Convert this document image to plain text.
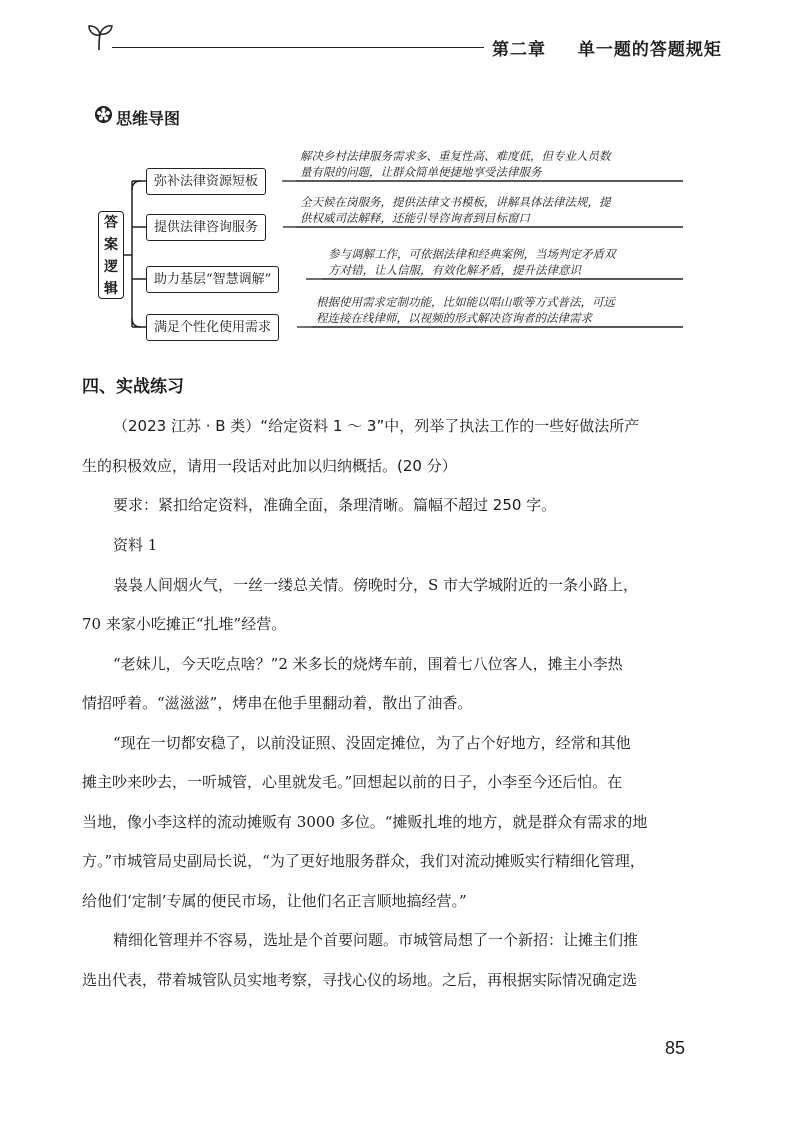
第二章 单一题的答题规矩
思维导图
答
案
逻
辑
弥补法律资源短板
解决乡村法律服务需求多、重复性高、难度低，但专业人员数
量有限的问题，让群众简单便捷地享受法律服务
提供法律咨询服务
全天候在岗服务，提供法律文书模板，讲解具体法律法规，提
供权威司法解释，还能引导咨询者到目标窗口
助力基层“智慧调解”
参与调解工作，可依据法律和经典案例，当场判定矛盾双
方对错，让人信服，有效化解矛盾，提升法律意识
满足个性化使用需求
根据使用需求定制功能，比如能以唱山歌等方式普法，可远
程连接在线律师，以视频的形式解决咨询者的法律需求
四、实战练习
（2023 江苏 · B 类）“给定资料 1 ～ 3”中，列举了执法工作的一些好做法所产
生的积极效应，请用一段话对此加以归纳概括。(20 分）
要求：紧扣给定资料，准确全面，条理清晰。篇幅不超过 250 字。
资料 1
袅袅人间烟火气，一丝一缕总关情。傍晚时分，S 市大学城附近的一条小路上，
70 来家小吃摊正“扎堆”经营。
“老妹儿，今天吃点啥？”2 米多长的烧烤车前，围着七八位客人，摊主小李热
情招呼着。“滋滋滋”，烤串在他手里翻动着，散出了油香。
“现在一切都安稳了，以前没证照、没固定摊位，为了占个好地方，经常和其他
摊主吵来吵去，一听城管，心里就发毛。”回想起以前的日子，小李至今还后怕。在
当地，像小李这样的流动摊贩有 3000 多位。“摊贩扎堆的地方，就是群众有需求的地
方。”市城管局史副局长说，“为了更好地服务群众，我们对流动摊贩实行精细化管理，
给他们‘定制’专属的便民市场，让他们名正言顺地搞经营。”
精细化管理并不容易，选址是个首要问题。市城管局想了一个新招：让摊主们推
选出代表，带着城管队员实地考察，寻找心仪的场地。之后，再根据实际情况确定选
85
